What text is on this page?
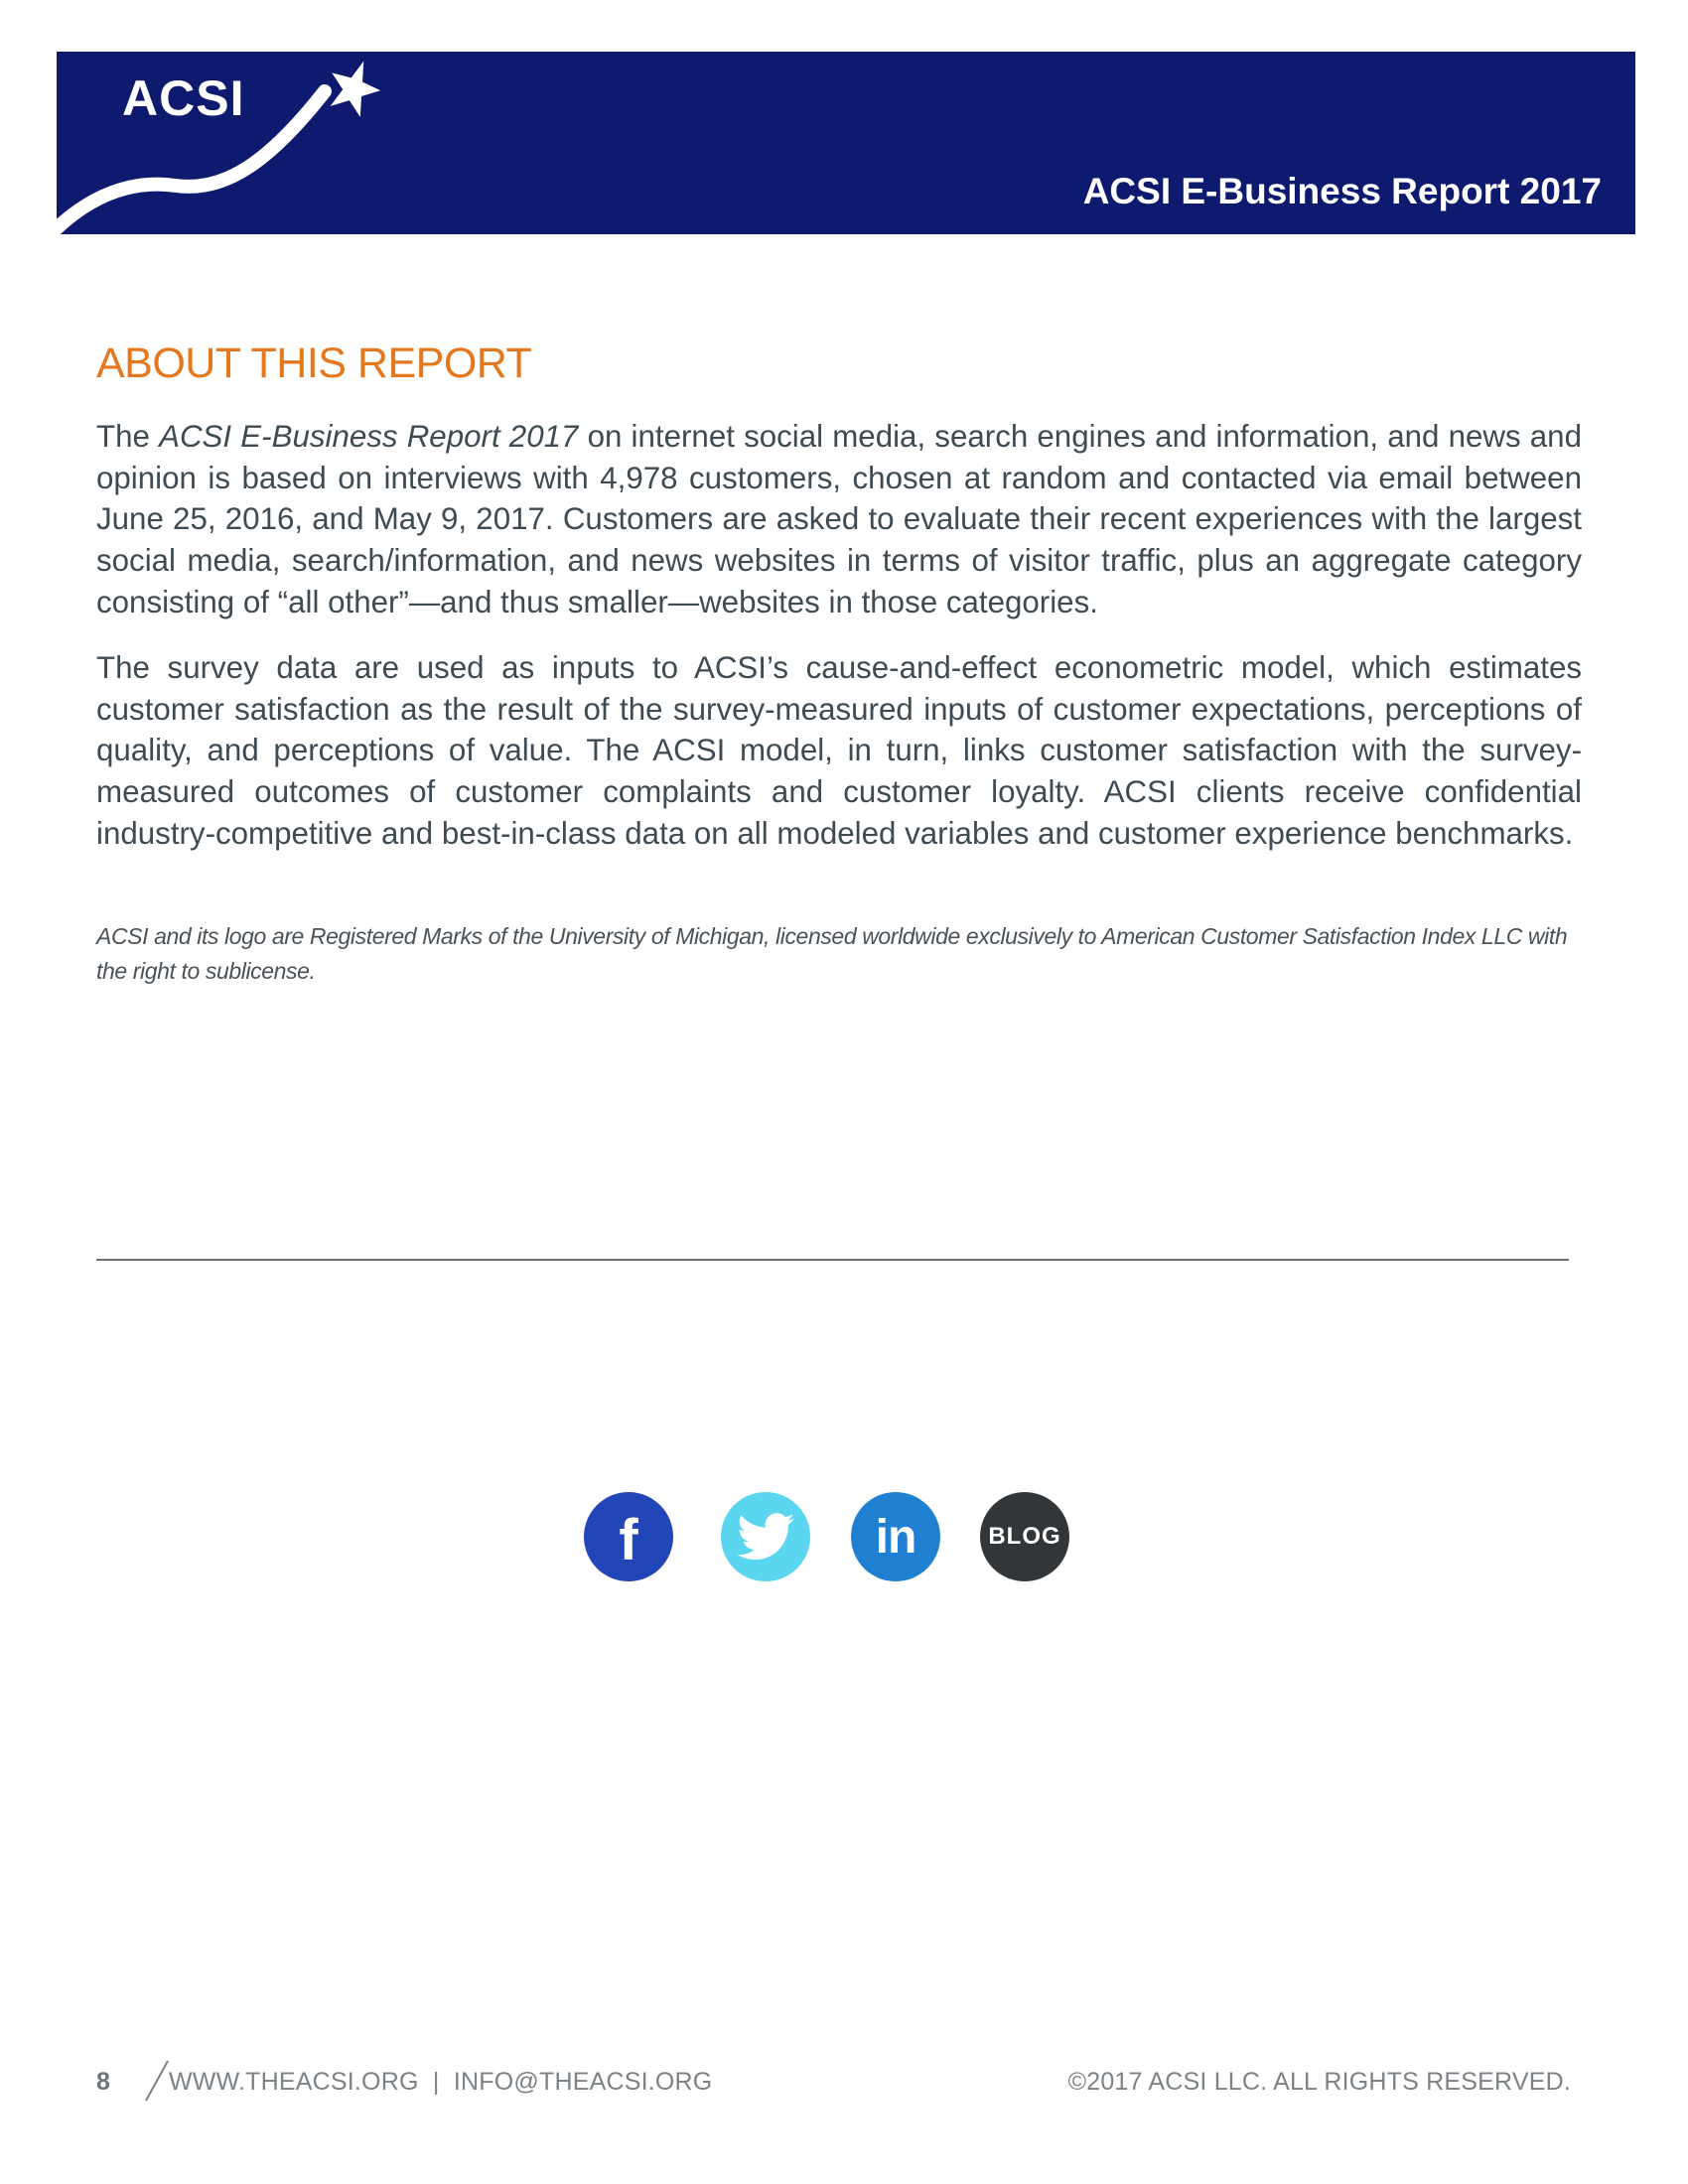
ACSI
ACSI E-Business Report 2017
ABOUT THIS REPORT

The ACSI E-Business Report 2017 on internet social media, search engines and information, and news and opinion is based on interviews with 4,978 customers, chosen at random and contacted via email between June 25, 2016, and May 9, 2017. Customers are asked to evaluate their recent experiences with the largest social media, search/information, and news websites in terms of visitor traffic, plus an aggregate category consisting of “all other”—and thus smaller—websites in those categories.

The survey data are used as inputs to ACSI’s cause-and-effect econometric model, which estimates customer satisfaction as the result of the survey-measured inputs of customer expectations, perceptions of quality, and perceptions of value. The ACSI model, in turn, links customer satisfaction with the survey-measured outcomes of customer complaints and customer loyalty. ACSI clients receive confidential industry-competitive and best-in-class data on all modeled variables and customer experience benchmarks.

ACSI and its logo are Registered Marks of the University of Michigan, licensed worldwide exclusively to American Customer Satisfaction Index LLC with the right to sublicense.

f	in	BLOG
8 WWW.THEACSI.ORG  |  INFO@THEACSI.ORG	©2017 ACSI LLC. ALL RIGHTS RESERVED.
